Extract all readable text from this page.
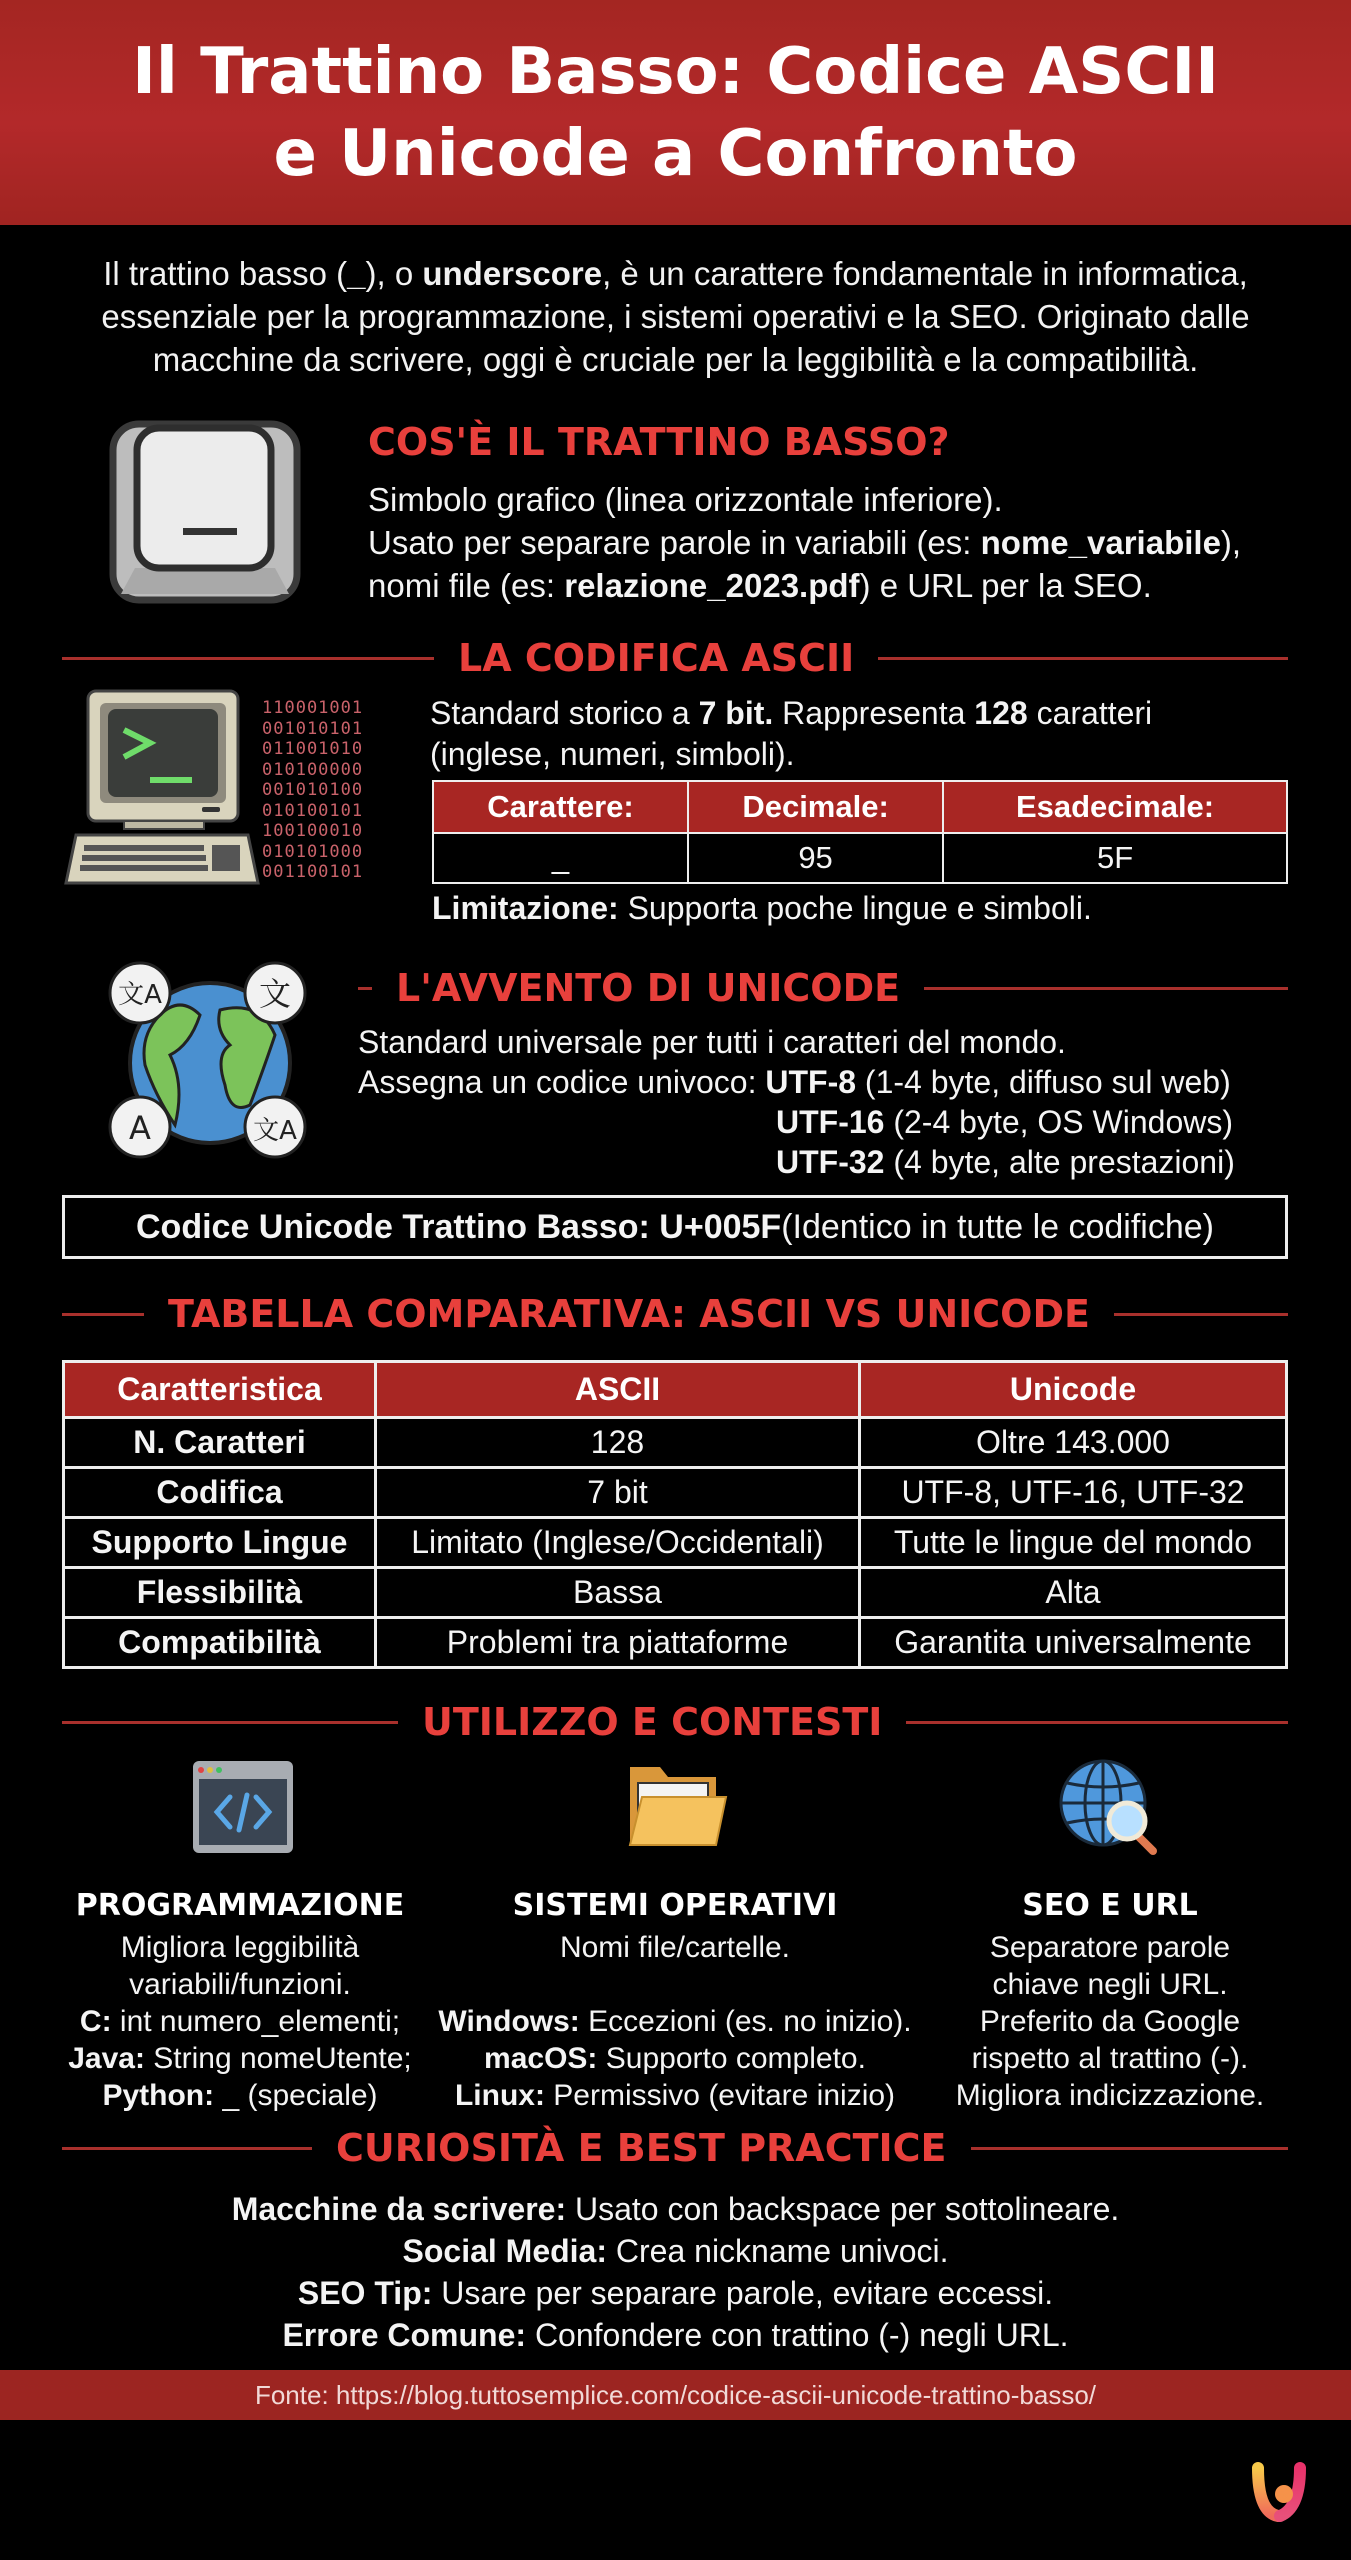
Il Trattino Basso: Codice ASCII
e Unicode a Confronto
Il trattino basso (_), o underscore, è un carattere fondamentale in informatica, essenziale per la programmazione, i sistemi operativi e la SEO. Originato dalle macchine da scrivere, oggi è cruciale per la leggibilità e la compatibilità.
COS'È IL TRATTINO BASSO?
Simbolo grafico (linea orizzontale inferiore).
Usato per separare parole in variabili (es: nome_variabile),
nomi file (es: relazione_2023.pdf) e URL per la SEO.
LA CODIFICA ASCII
110001001
001010101
011001010
010100000
001010100
010100101
100100010
010101000
001100101
Standard storico a 7 bit. Rappresenta 128 caratteri
(inglese, numeri, simboli).
Carattere:	Decimale:	Esadecimale:
_	95	5F
Limitazione: Supporta poche lingue e simboli.
文A	文
A	文A
L'AVVENTO DI UNICODE
Standard universale per tutti i caratteri del mondo.
Assegna un codice univoco: UTF-8 (1-4 byte, diffuso sul web)
UTF-16 (2-4 byte, OS Windows)
UTF-32 (4 byte, alte prestazioni)
Codice Unicode Trattino Basso: U+005F (Identico in tutte le codifiche)
TABELLA COMPARATIVA: ASCII VS UNICODE
Caratteristica	ASCII	Unicode
N. Caratteri	128	Oltre 143.000
Codifica	7 bit	UTF-8, UTF-16, UTF-32
Supporto Lingue	Limitato (Inglese/Occidentali)	Tutte le lingue del mondo
Flessibilità	Bassa	Alta
Compatibilità	Problemi tra piattaforme	Garantita universalmente
UTILIZZO E CONTESTI
PROGRAMMAZIONE
Migliora leggibilità
variabili/funzioni.
C: int numero_elementi;
Java: String nomeUtente;
Python: _ (speciale)
SISTEMI OPERATIVI
Nomi file/cartelle.
Windows: Eccezioni (es. no inizio).
macOS: Supporto completo.
Linux: Permissivo (evitare inizio)
SEO E URL
Separatore parole
chiave negli URL.
Preferito da Google
rispetto al trattino (-).
Migliora indicizzazione.
CURIOSITÀ E BEST PRACTICE
Macchine da scrivere: Usato con backspace per sottolineare.
Social Media: Crea nickname univoci.
SEO Tip: Usare per separare parole, evitare eccessi.
Errore Comune: Confondere con trattino (-) negli URL.
Fonte: https://blog.tuttosemplice.com/codice-ascii-unicode-trattino-basso/
